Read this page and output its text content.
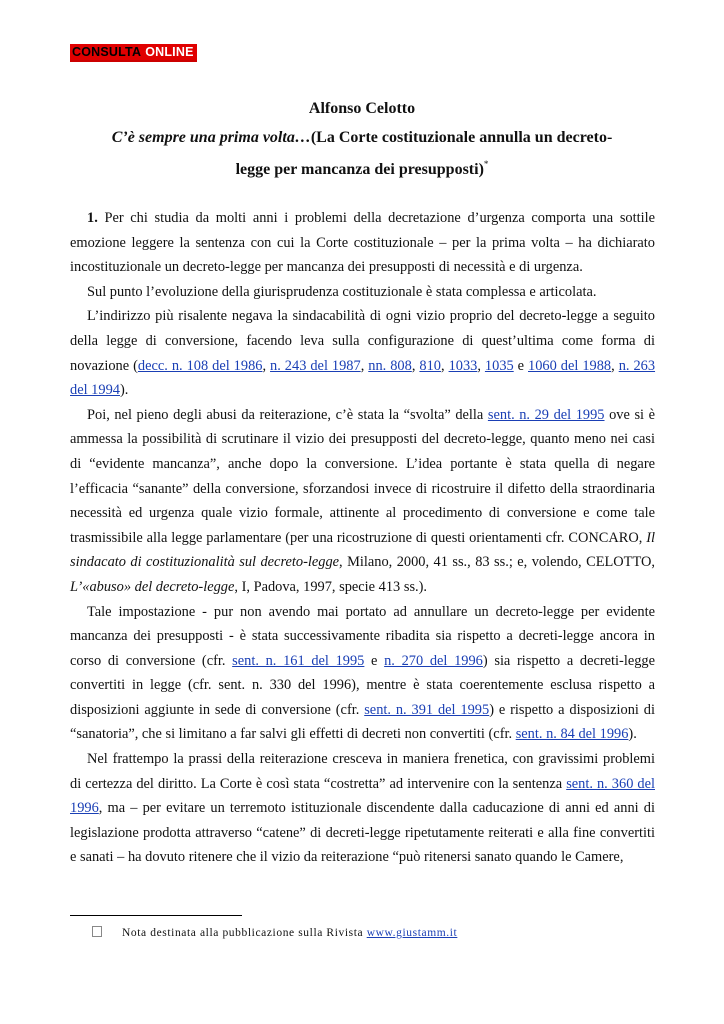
CONSULTA ONLINE
Alfonso Celotto
C’è sempre una prima volta…(La Corte costituzionale annulla un decreto-
legge per mancanza dei presupposti)*

1. Per chi studia da molti anni i problemi della decretazione d’urgenza comporta una sottile emozione leggere la sentenza con cui la Corte costituzionale – per la prima volta – ha dichiarato incostituzionale un decreto-legge per mancanza dei presupposti di necessità e di urgenza.

Sul punto l’evoluzione della giurisprudenza costituzionale è stata complessa e articolata.

L’indirizzo più risalente negava la sindacabilità di ogni vizio proprio del decreto-legge a seguito della legge di conversione, facendo leva sulla configurazione di quest’ultima come forma di novazione (decc. n. 108 del 1986, n. 243 del 1987, nn. 808, 810, 1033, 1035 e 1060 del 1988, n. 263 del 1994).

Poi, nel pieno degli abusi da reiterazione, c’è stata la “svolta” della sent. n. 29 del 1995 ove si è ammessa la possibilità di scrutinare il vizio dei presupposti del decreto-legge, quanto meno nei casi di “evidente mancanza”, anche dopo la conversione. L’idea portante è stata quella di negare l’efficacia “sanante” della conversione, sforzandosi invece di ricostruire il difetto della straordinaria necessità ed urgenza quale vizio formale, attinente al procedimento di conversione e come tale trasmissibile alla legge parlamentare (per una ricostruzione di questi orientamenti cfr. CONCARO, Il sindacato di costituzionalità sul decreto-legge, Milano, 2000, 41 ss., 83 ss.; e, volendo, CELOTTO, L’«abuso» del decreto-legge, I, Padova, 1997, specie 413 ss.).

Tale impostazione - pur non avendo mai portato ad annullare un decreto-legge per evidente mancanza dei presupposti - è stata successivamente ribadita sia rispetto a decreti-legge ancora in corso di conversione (cfr. sent. n. 161 del 1995 e n. 270 del 1996) sia rispetto a decreti-legge convertiti in legge (cfr. sent. n. 330 del 1996), mentre è stata coerentemente esclusa rispetto a disposizioni aggiunte in sede di conversione (cfr. sent. n. 391 del 1995) e rispetto a disposizioni di “sanatoria”, che si limitano a far salvi gli effetti di decreti non convertiti (cfr. sent. n. 84 del 1996).

Nel frattempo la prassi della reiterazione cresceva in maniera frenetica, con gravissimi problemi di certezza del diritto. La Corte è così stata “costretta” ad intervenire con la sentenza sent. n. 360 del 1996, ma – per evitare un terremoto istituzionale discendente dalla caducazione di anni ed anni di legislazione prodotta attraverso “catene” di decreti-legge ripetutamente reiterati e alla fine convertiti e sanati – ha dovuto ritenere che il vizio da reiterazione “può ritenersi sanato quando le Camere,

Nota destinata alla pubblicazione sulla Rivista www.giustamm.it
